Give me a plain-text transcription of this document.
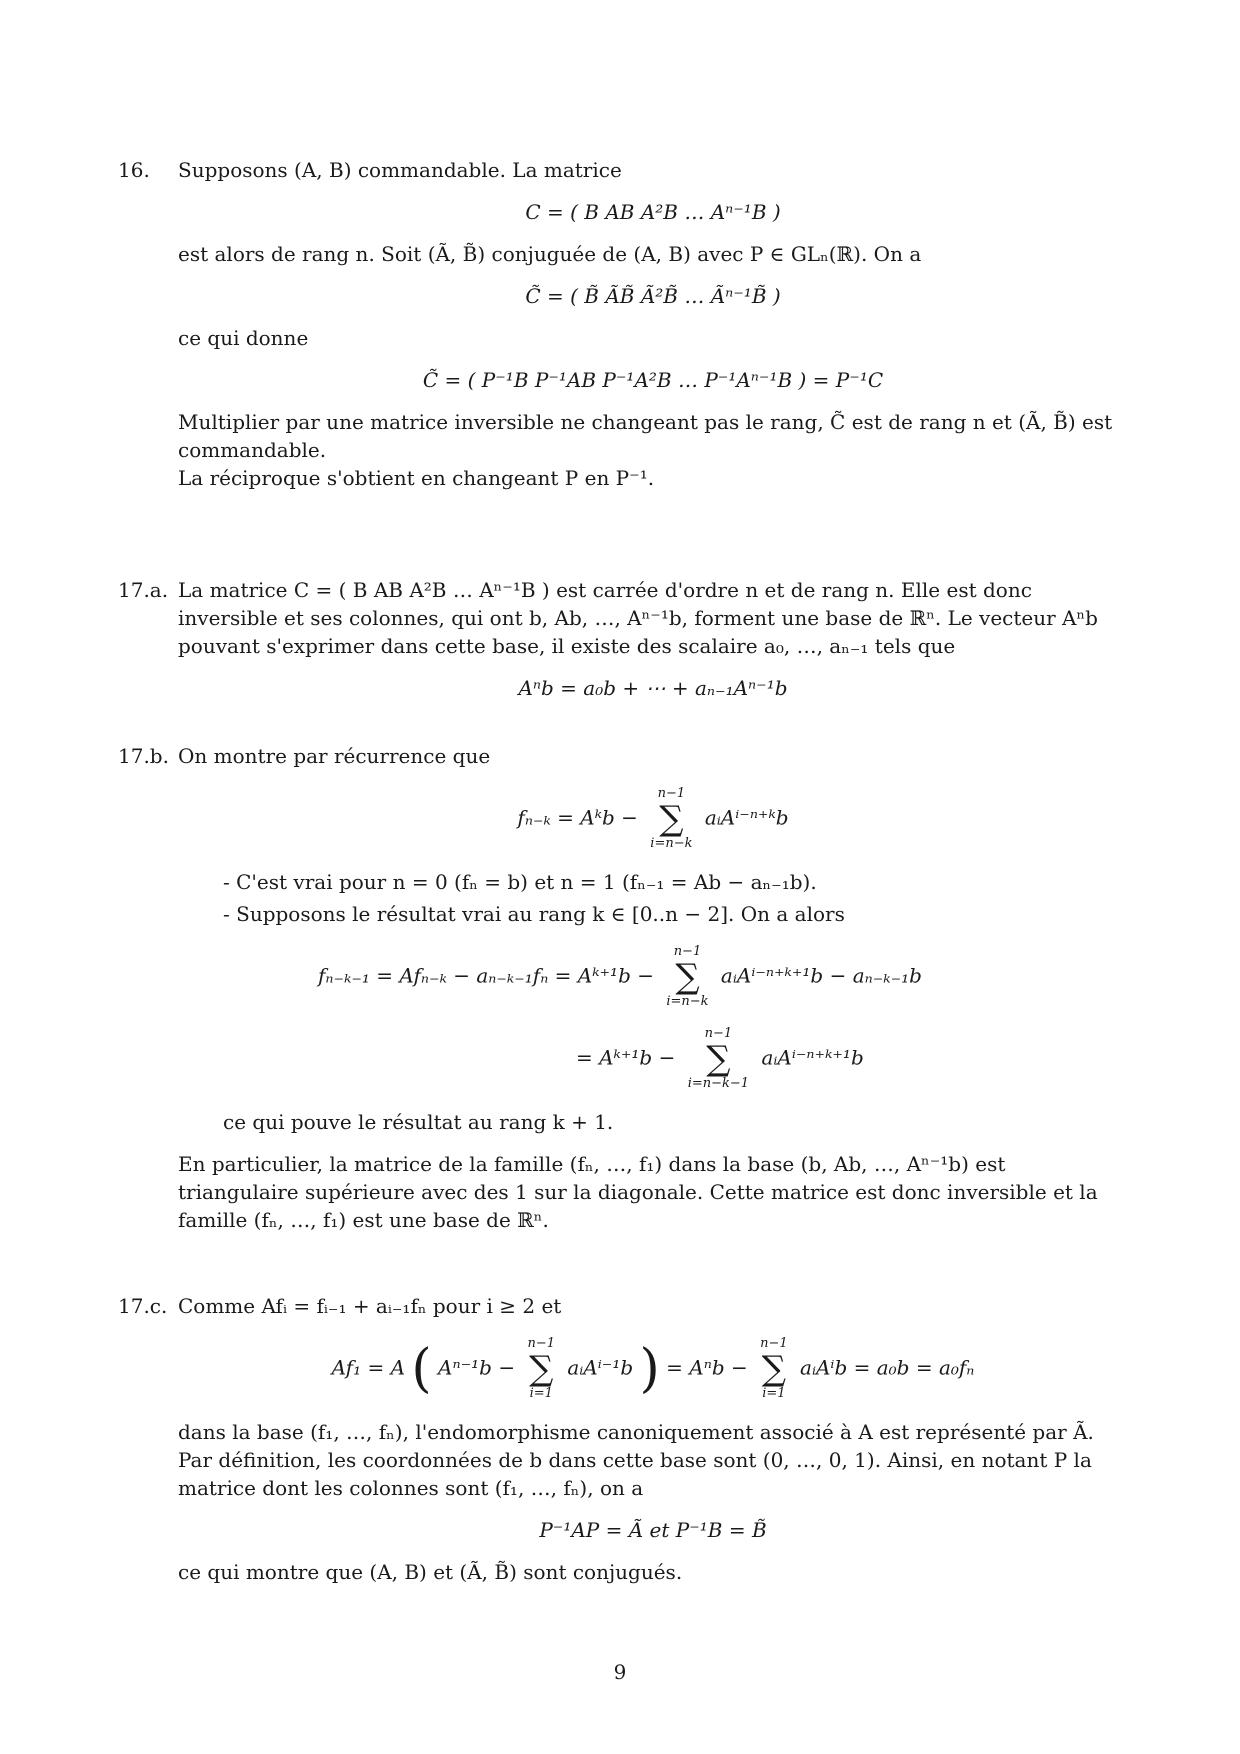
16. Supposons (A, B) commandable. La matrice

C = ( B AB A²B … Aⁿ⁻¹B )

est alors de rang n. Soit (Ã, B̃) conjuguée de (A, B) avec P ∈ GLₙ(ℝ). On a

C̃ = ( B̃ ÃB̃ Ã²B̃ … Ãⁿ⁻¹B̃ )

ce qui donne

C̃ = ( P⁻¹B P⁻¹AB P⁻¹A²B … P⁻¹Aⁿ⁻¹B ) = P⁻¹C

Multiplier par une matrice inversible ne changeant pas le rang, C̃ est de rang n et (Ã, B̃) est commandable.

La réciproque s'obtient en changeant P en P⁻¹.

17.a. La matrice C = ( B AB A²B … Aⁿ⁻¹B ) est carrée d'ordre n et de rang n. Elle est donc inversible et ses colonnes, qui ont b, Ab, …, Aⁿ⁻¹b, forment une base de ℝⁿ. Le vecteur Aⁿb pouvant s'exprimer dans cette base, il existe des scalaire a₀, …, aₙ₋₁ tels que

Aⁿb = a₀b + ⋯ + aₙ₋₁Aⁿ⁻¹b
17.b. On montre par récurrence que

fₙ₋ₖ = Aᵏb −
n−1
∑
i=n−k
aᵢAⁱ⁻ⁿ⁺ᵏb
- C'est vrai pour n = 0 (fₙ = b) et n = 1 (fₙ₋₁ = Ab − aₙ₋₁b).
- Supposons le résultat vrai au rang k ∈ [0..n − 2]. On a alors
fₙ₋ₖ₋₁ = Afₙ₋ₖ − aₙ₋ₖ₋₁fₙ = Aᵏ⁺¹b −
n−1
∑
i=n−k
aᵢAⁱ⁻ⁿ⁺ᵏ⁺¹b − aₙ₋ₖ₋₁b
= Aᵏ⁺¹b −
n−1
∑
i=n−k−1
aᵢAⁱ⁻ⁿ⁺ᵏ⁺¹b

ce qui pouve le résultat au rang k + 1.

En particulier, la matrice de la famille (fₙ, …, f₁) dans la base (b, Ab, …, Aⁿ⁻¹b) est triangulaire supérieure avec des 1 sur la diagonale. Cette matrice est donc inversible et la famille (fₙ, …, f₁) est une base de ℝⁿ.

17.c. Comme Afᵢ = fᵢ₋₁ + aᵢ₋₁fₙ pour i ≥ 2 et

Af₁ = A ( Aⁿ⁻¹b −
n−1
∑
i=1
aᵢAⁱ⁻¹b ) = Aⁿb −
n−1
∑
i=1
aᵢAⁱb = a₀b = a₀fₙ

dans la base (f₁, …, fₙ), l'endomorphisme canoniquement associé à A est représenté par Ã. Par définition, les coordonnées de b dans cette base sont (0, …, 0, 1). Ainsi, en notant P la matrice dont les colonnes sont (f₁, …, fₙ), on a

P⁻¹AP = Ã et P⁻¹B = B̃

ce qui montre que (A, B) et (Ã, B̃) sont conjugués.

9
